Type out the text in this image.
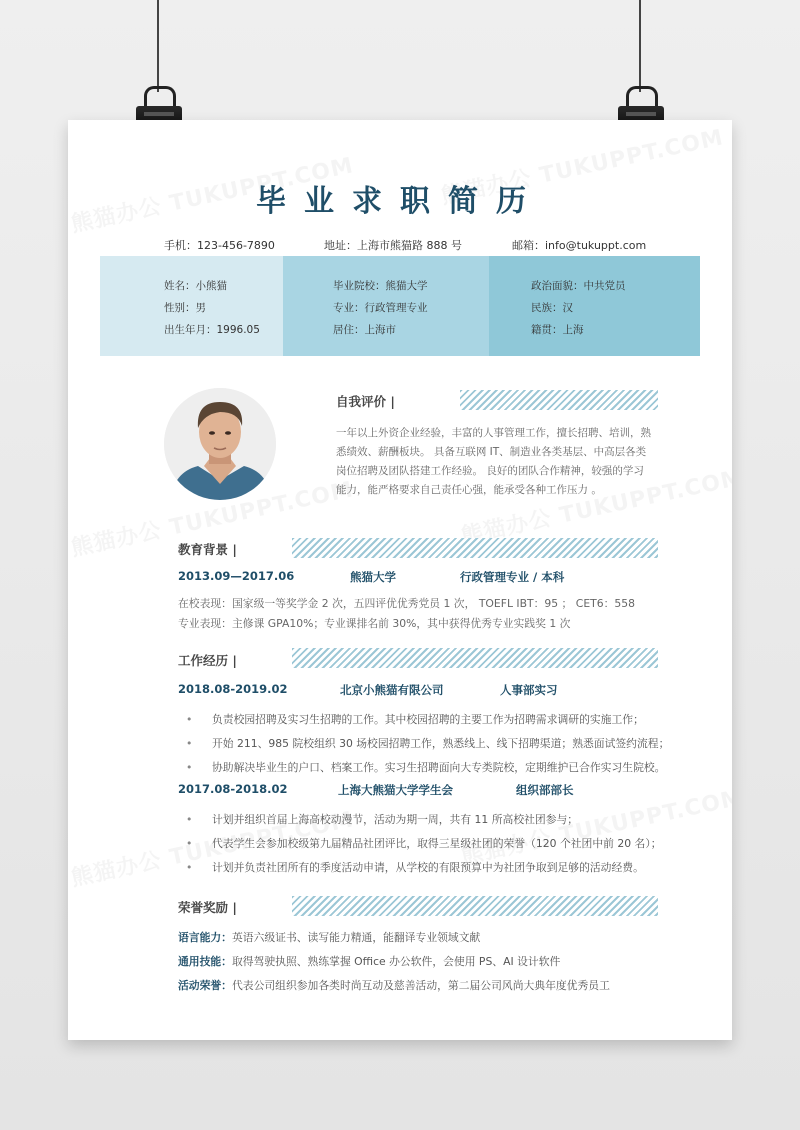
毕业求职简历
手机：123-456-7890	地址：上海市熊猫路 888 号	邮箱：info@tukuppt.com
姓名：小熊猫
性别：男
出生年月：1996.05
毕业院校：熊猫大学
专业：行政管理专业
居住：上海市
政治面貌：中共党员
民族：汉
籍贯：上海
自我评价 |
一年以上外资企业经验，丰富的人事管理工作，擅长招聘、培训，熟
悉绩效、薪酬板块。 具备互联网 IT、制造业各类基层、中高层各类
岗位招聘及团队搭建工作经验。 良好的团队合作精神，较强的学习
能力，能严格要求自己责任心强，能承受各种工作压力 。
教育背景 |
2013.09—2017.06	熊猫大学	行政管理专业 / 本科
在校表现：国家级一等奖学金 2 次，五四评优优秀党员 1 次， TOEFL IBT：95 ； CET6：558
专业表现：主修课 GPA10%；专业课排名前 30%，其中获得优秀专业实践奖 1 次
工作经历 |
2018.08-2019.02	北京小熊猫有限公司	人事部实习
• 负责校园招聘及实习生招聘的工作。其中校园招聘的主要工作为招聘需求调研的实施工作；
• 开始 211、985 院校组织 30 场校园招聘工作，熟悉线上、线下招聘渠道；熟悉面试签约流程；
• 协助解决毕业生的户口、档案工作。实习生招聘面向大专类院校，定期维护已合作实习生院校。
2017.08-2018.02	上海大熊猫大学学生会	组织部部长
• 计划并组织首届上海高校动漫节，活动为期一周，共有 11 所高校社团参与；
• 代表学生会参加校级第九届精品社团评比，取得三星级社团的荣誉（120 个社团中前 20 名）；
• 计划并负责社团所有的季度活动申请，从学校的有限预算中为社团争取到足够的活动经费。
荣誉奖励 |
语言能力：英语六级证书、读写能力精通，能翻译专业领域文献
通用技能：取得驾驶执照、熟练掌握 Office 办公软件，会使用 PS、AI 设计软件
活动荣誉：代表公司组织参加各类时尚互动及慈善活动，第二届公司风尚大典年度优秀员工
